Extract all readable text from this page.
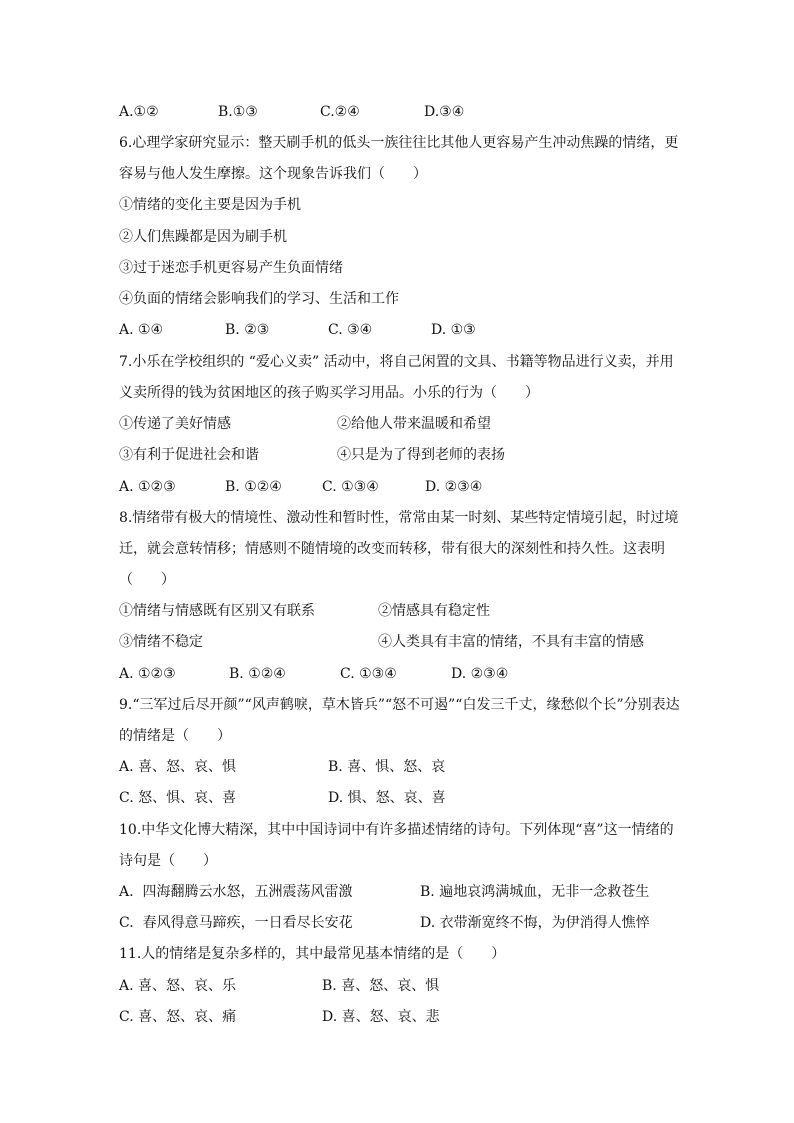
A.①②

	B.①③

	C.②④

	D.③④

6.心理学家研究显示：整天刷手机的低头一族往往比其他人更容易产生冲动焦躁的情绪，更
容易与他人发生摩擦。这个现象告诉我们（　　）
①情绪的变化主要是因为手机
②人们焦躁都是因为刷手机
③过于迷恋手机更容易产生负面情绪
④负面的情绪会影响我们的学习、生活和工作

A. ①④

	B. ②③

	C. ③④

	D. ①③

7.小乐在学校组织的 “爱心义卖” 活动中，将自己闲置的文具、书籍等物品进行义卖，并用
义卖所得的钱为贫困地区的孩子购买学习用品。小乐的行为（　　）

①传递了美好情感

	②给他人带来温暖和希望

③有利于促进社会和谐

	④只是为了得到老师的表扬

A. ①②③

	B. ①②④

	C. ①③④

	D. ②③④

8.情绪带有极大的情境性、激动性和暂时性，常常由某一时刻、某些特定情境引起，时过境
迁，就会意转情移；情感则不随情境的改变而转移，带有很大的深刻性和持久性。这表明
（　　）

①情绪与情感既有区别又有联系

	②情感具有稳定性

③情绪不稳定

	④人类具有丰富的情绪，不具有丰富的情感

A. ①②③

	B. ①②④

	C. ①③④

	D. ②③④

9.“三军过后尽开颜”“风声鹤唳，草木皆兵”“怒不可遏”“白发三千丈，缘愁似个长”分别表达
的情绪是（　　）

A. 喜、怒、哀、惧

	B. 喜、惧、怒、哀

C. 怒、惧、哀、喜

	D. 惧、怒、哀、喜

10.中华文化博大精深，其中中国诗词中有许多描述情绪的诗句。下列体现“喜”这一情绪的
诗句是（　　）

A.  四海翻腾云水怒，五洲震荡风雷激

	B. 遍地哀鸿满城血，无非一念救苍生

C.  春风得意马蹄疾，一日看尽长安花

	D. 衣带渐宽终不悔，为伊消得人憔悴

11.人的情绪是复杂多样的，其中最常见基本情绪的是（　　）

A. 喜、怒、哀、乐

	B. 喜、怒、哀、惧

C. 喜、怒、哀、痛

	D. 喜、怒、哀、悲
